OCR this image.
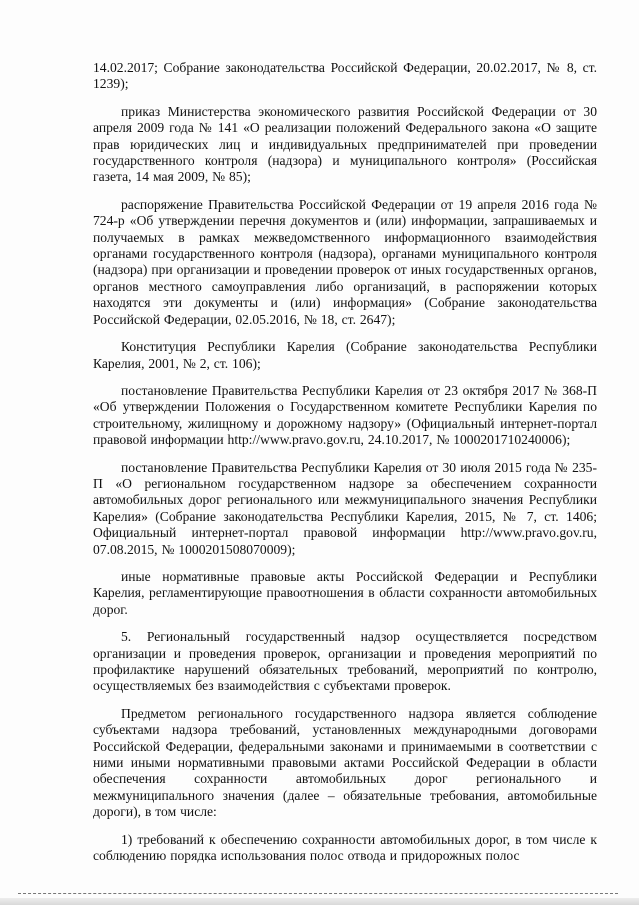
14.02.2017; Собрание законодательства Российской Федерации, 20.02.2017, № 8, ст. 1239);

приказ Министерства экономического развития Российской Федерации от 30 апреля 2009 года № 141 «О реализации положений Федерального закона «О защите прав юридических лиц и индивидуальных предпринимателей при проведении государственного контроля (надзора) и муниципального контроля» (Российская газета, 14 мая 2009, № 85);

распоряжение Правительства Российской Федерации от 19 апреля 2016 года № 724-р «Об утверждении перечня документов и (или) информации, запрашиваемых и получаемых в рамках межведомственного информационного взаимодействия органами государственного контроля (надзора), органами муниципального контроля (надзора) при организации и проведении проверок от иных государственных органов, органов местного самоуправления либо организаций, в распоряжении которых находятся эти документы и (или) информация» (Собрание законодательства Российской Федерации, 02.05.2016, № 18, ст. 2647);

Конституция Республики Карелия (Собрание законодательства Республики Карелия, 2001, № 2, ст. 106);

постановление Правительства Республики Карелия от 23 октября 2017 № 368-П «Об утверждении Положения о Государственном комитете Республики Карелия по строительному, жилищному и дорожному надзору» (Официальный интернет-портал правовой информации http://www.pravo.gov.ru, 24.10.2017, № 1000201710240006);

постановление Правительства Республики Карелия от 30 июля 2015 года № 235-П «О региональном государственном надзоре за обеспечением сохранности автомобильных дорог регионального или межмуниципального значения Республики Карелия» (Собрание законодательства Республики Карелия, 2015, № 7, ст. 1406; Официальный интернет-портал правовой информации http://www.pravo.gov.ru, 07.08.2015, № 1000201508070009);

иные нормативные правовые акты Российской Федерации и Республики Карелия, регламентирующие правоотношения в области сохранности автомобильных дорог.

5. Региональный государственный надзор осуществляется посредством организации и проведения проверок, организации и проведения мероприятий по профилактике нарушений обязательных требований, мероприятий по контролю, осуществляемых без взаимодействия с субъектами проверок.

Предметом регионального государственного надзора является соблюдение субъектами надзора требований, установленных международными договорами Российской Федерации, федеральными законами и принимаемыми в соответствии с ними иными нормативными правовыми актами Российской Федерации в области обеспечения сохранности автомобильных дорог регионального и межмуниципального значения (далее – обязательные требования, автомобильные дороги), в том числе:

1) требований к обеспечению сохранности автомобильных дорог, в том числе к соблюдению порядка использования полос отвода и придорожных полос
